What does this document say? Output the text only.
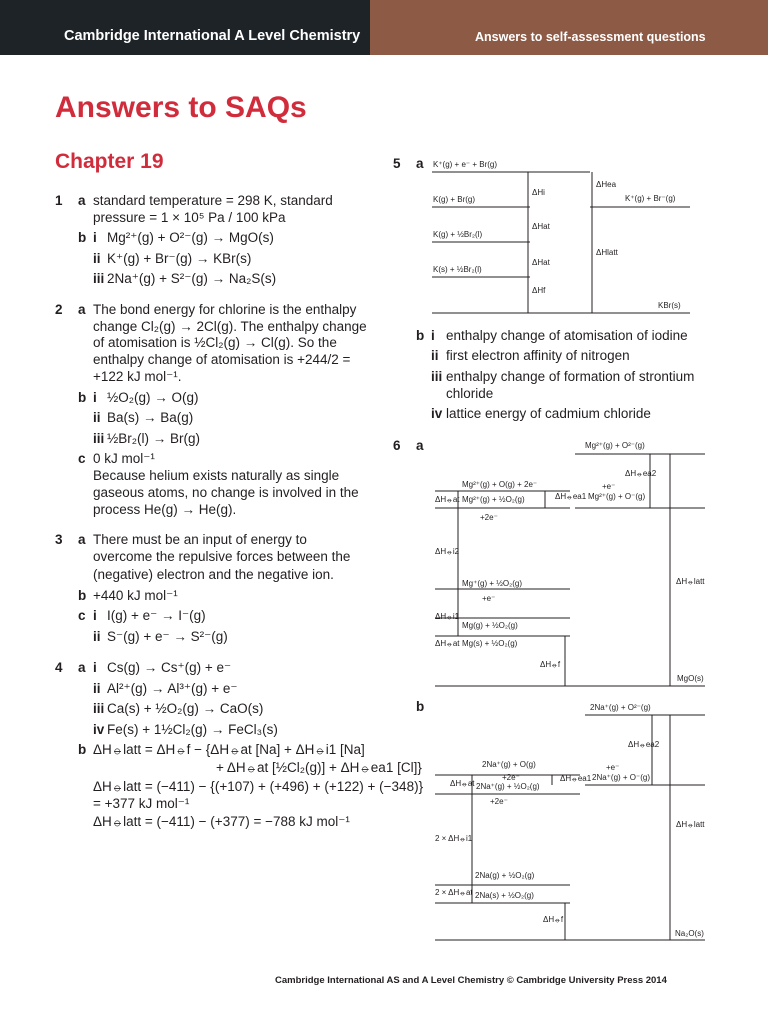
Cambridge International A Level Chemistry	Answers to self-assessment questions
Answers to SAQs
Chapter 19
1 a standard temperature = 298 K, standard
pressure = 1 × 10⁵ Pa / 100 kPa
b i Mg²⁺(g) + O²⁻(g) → MgO(s)
ii K⁺(g) + Br⁻(g) → KBr(s)
iii 2Na⁺(g) + S²⁻(g) → Na₂S(s)
2 a The bond energy for chlorine is the enthalpy
change Cl₂(g) → 2Cl(g). The enthalpy change
of atomisation is ½Cl₂(g) → Cl(g). So the
enthalpy change of atomisation is +244/2 =
+122 kJ mol⁻¹.
b i ½O₂(g) → O(g)
ii Ba(s) → Ba(g)
iii ½Br₂(l) → Br(g)
c 0 kJ mol⁻¹
Because helium exists naturally as single
gaseous atoms, no change is involved in the
process He(g) → He(g).
3 a There must be an input of energy to
overcome the repulsive forces between the
(negative) electron and the negative ion.
b +440 kJ mol⁻¹
c i I(g) + e⁻ → I⁻(g)
ii S⁻(g) + e⁻ → S²⁻(g)
4 a i Cs(g) → Cs⁺(g) + e⁻
ii Al²⁺(g) → Al³⁺(g) + e⁻
iii Ca(s) + ½O₂(g) → CaO(s)
iv Fe(s) + 1½Cl₂(g) → FeCl₃(s)
b ΔH⦵latt = ΔH⦵f − {ΔH⦵at [Na] + ΔH⦵i1 [Na]
+ ΔH⦵at [½Cl₂(g)] + ΔH⦵ea1 [Cl]}
ΔH⦵latt = (−411) − {(+107) + (+496) + (+122) + (−348)}
= +377 kJ mol⁻¹
ΔH⦵latt = (−411) − (+377) = −788 kJ mol⁻¹
5 a K⁺(g) + e⁻ + Br(g)
K(g) + Br(g)
K(g) + ½Br₂(l)
K(s) + ½Br₂(l)
K⁺(g) + Br⁻(g)
KBr(s)
ΔHi
ΔHat
ΔHat
ΔHf
ΔHea
ΔHlatt
b i enthalpy change of atomisation of iodine
ii first electron affinity of nitrogen
iii enthalpy change of formation of strontium
chloride
iv lattice energy of cadmium chloride
6 a	Mg²⁺(g) + O²⁻(g)
Mg²⁺(g) + O(g) + 2e⁻
Mg²⁺(g) + ½O₂(g)
+2e⁻
Mg⁺(g) + ½O₂(g)
Mg(g) + ½O₂(g)
Mg(s) + ½O₂(g)
Mg²⁺(g) + O⁻(g)
+e⁻
+e⁻
MgO(s)
ΔH⦵at
ΔH⦵i2
ΔH⦵i1
ΔH⦵at
ΔH⦵f
ΔH⦵ea1
ΔH⦵ea2
ΔH⦵latt
b	2Na⁺(g) + O²⁻(g)
2Na⁺(g) + O(g)
2Na⁺(g) + ½O₂(g)
+2e⁻
+2e⁻
2Na(g) + ½O₂(g)
2Na(s) + ½O₂(g)
2Na⁺(g) + O⁻(g)
+e⁻
Na₂O(s)
ΔH⦵at
2 × ΔH⦵i1
2 × ΔH⦵at
ΔH⦵f
ΔH⦵ea1
ΔH⦵ea2
ΔH⦵latt
Cambridge International AS and A Level Chemistry © Cambridge University Press 2014
